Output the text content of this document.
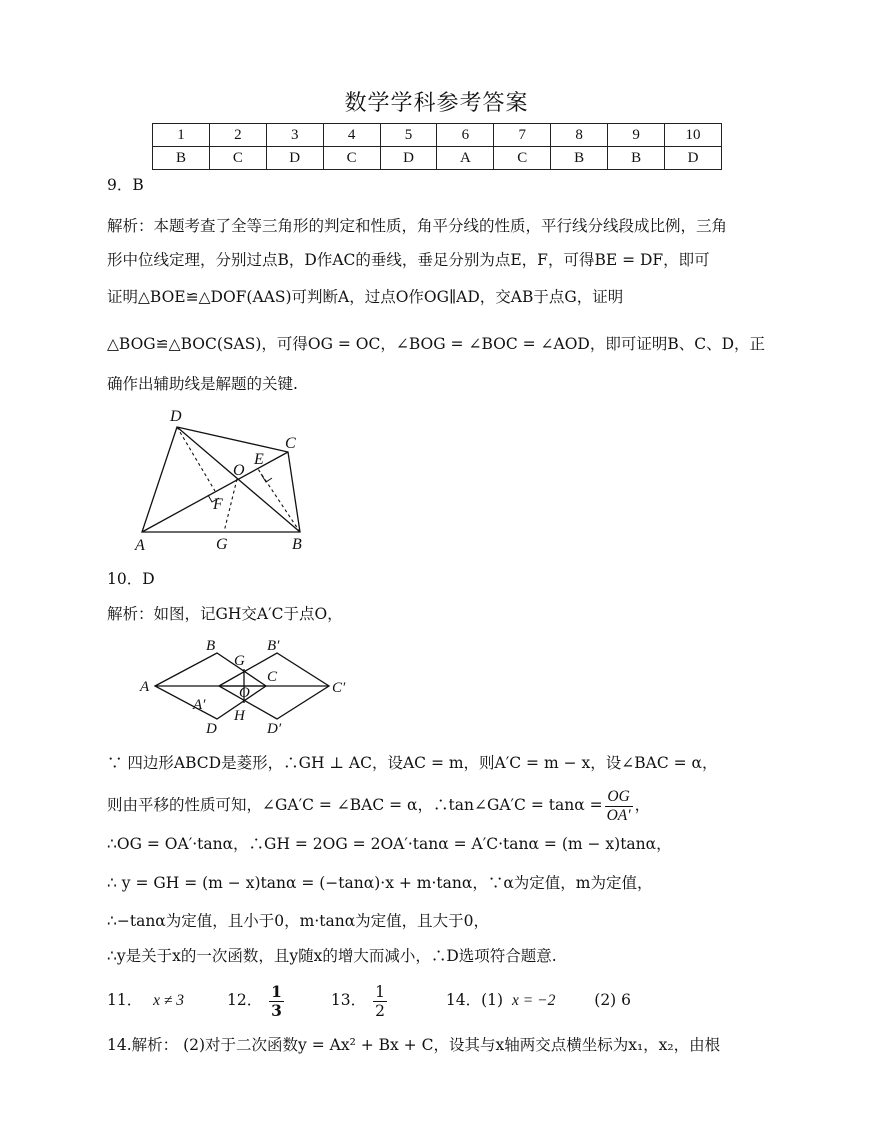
数学学科参考答案
1	2	3	4	5	6	7	8	9	10
B	C	D	C	D	A	C	B	B	D
9．B
解析：本题考查了全等三角形的判定和性质，角平分线的性质，平行线分线段成比例，三角
形中位线定理，分别过点B，D作AC的垂线，垂足分别为点E，F，可得BE = DF，即可
证明△BOE≌△DOF(AAS)可判断A，过点O作OG∥AD，交AB于点G，证明
△BOG≌△BOC(SAS)，可得OG = OC，∠BOG = ∠BOC = ∠AOD，即可证明B、C、D，正
确作出辅助线是解题的关键.
D
C
O
E
F
A	G	B
10．D
解析：如图，记GH交A′C于点O，
A
B
G
B′
C
C′
A′
O
D
H
D′
∵ 四边形ABCD是菱形，∴GH ⊥ AC，设AC = m，则A′C = m − x，设∠BAC = α，
则由平移的性质可知，∠GA′C = ∠BAC = α，∴tan∠GA′C = $\tan\alpha = \frac{OG}{OA'}$ ，
∴OG = OA′·tanα，∴GH = 2OG = 2OA′·tanα = A′C·tanα = (m − x)tanα，
∴ y = GH = (m − x)tanα = (−tanα)·x + m·tanα，∵α为定值，m为定值，
∴−tanα为定值，且小于0，m·tanα为定值，且大于0，
∴y是关于x的一次函数，且y随x的增大而减小，∴D选项符合题意.
11． x ≠ 3	12． $\frac{1}{3}$	13． $\frac{1}{2}$	14．(1) x = −2	(2) 6
14.解析： (2)对于二次函数y = Ax² + Bx + C，设其与x轴两交点横坐标为x₁，x₂，由根
